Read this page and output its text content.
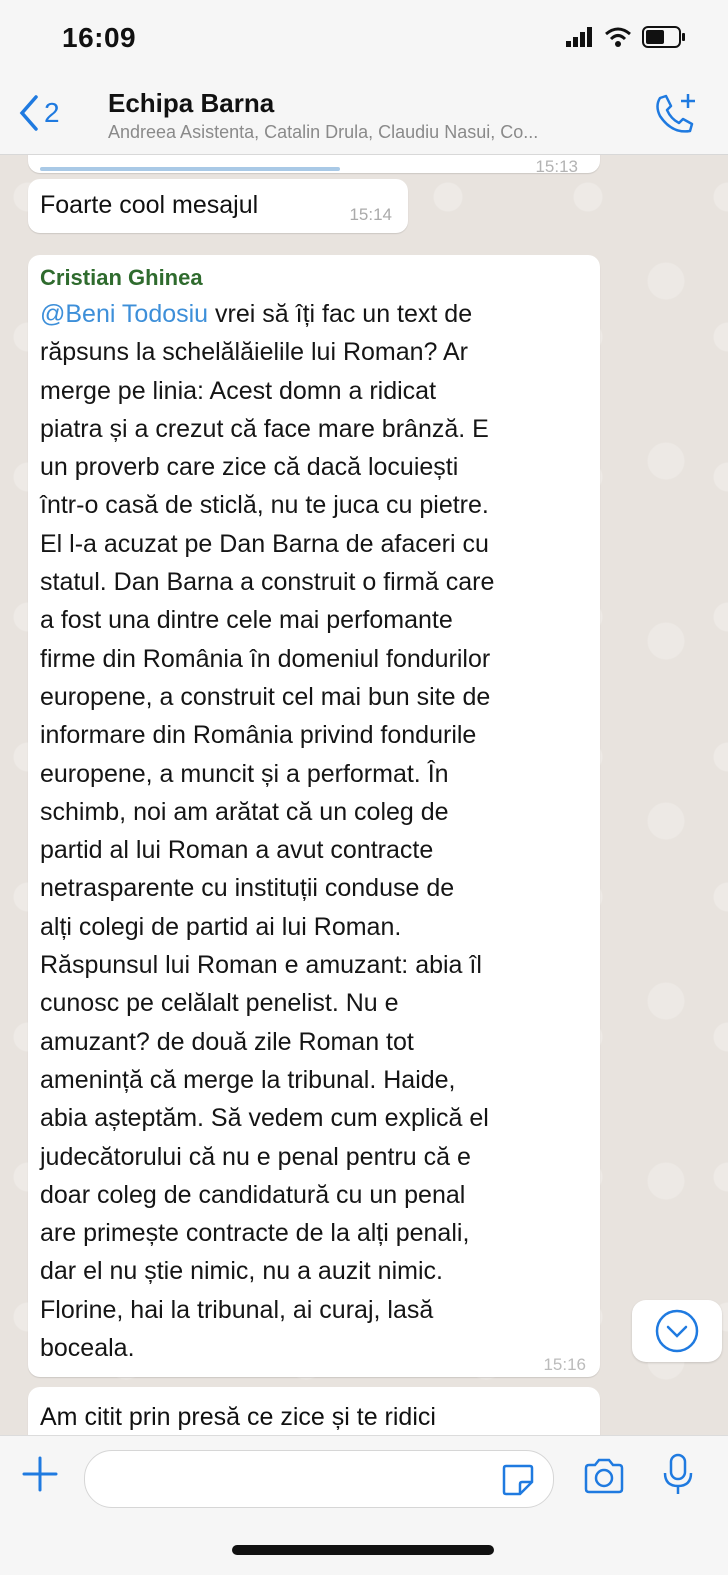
16:09
2 Echipa Barna
Andreea Asistenta, Catalin Drula, Claudiu Nasui, Co...
15:13
Foarte cool mesajul	15:14
Cristian Ghinea
@Beni Todosiu vrei să îți fac un text de
răpsuns la schelălăielile lui Roman? Ar
merge pe linia: Acest domn a ridicat
piatra și a crezut că face mare brânză. E
un proverb care zice că dacă locuiești
într-o casă de sticlă, nu te juca cu pietre.
El l-a acuzat pe Dan Barna de afaceri cu
statul. Dan Barna a construit o firmă care
a fost una dintre cele mai perfomante
firme din România în domeniul fondurilor
europene, a construit cel mai bun site de
informare din România privind fondurile
europene, a muncit și a performat. În
schimb, noi am arătat că un coleg de
partid al lui Roman a avut contracte
netrasparente cu instituții conduse de
alți colegi de partid ai lui Roman.
Răspunsul lui Roman e amuzant: abia îl
cunosc pe celălalt penelist. Nu e
amuzant? de două zile Roman tot
amenință că merge la tribunal. Haide,
abia așteptăm. Să vedem cum explică el
judecătorului că nu e penal pentru că e
doar coleg de candidatură cu un penal
are primește contracte de la alți penali,
dar el nu știe nimic, nu a auzit nimic.
Florine, hai la tribunal, ai curaj, lasă
boceala.
15:16
Am citit prin presă ce zice și te ridici
